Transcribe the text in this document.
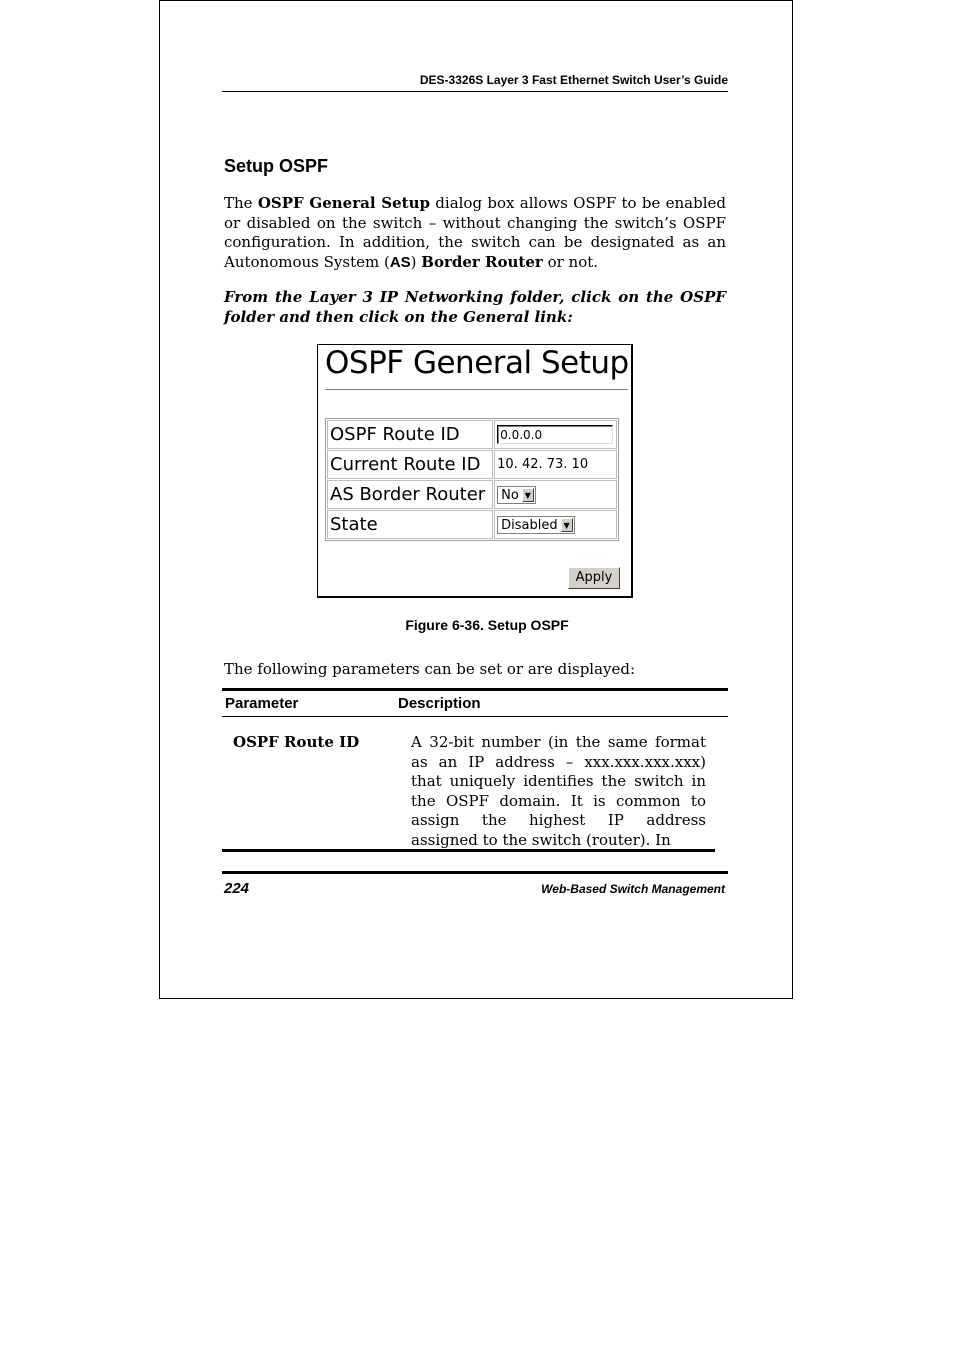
DES-3326S Layer 3 Fast Ethernet Switch User’s Guide
Setup OSPF
The OSPF General Setup dialog box allows OSPF to be enabled or disabled on the switch – without changing the switch’s OSPF configuration. In addition, the switch can be designated as an Autonomous System (AS) Border Router or not.
From the Layer 3 IP Networking folder, click on the OSPF folder and then click on the General link:
OSPF General Setup
OSPF Route ID	0.0.0.0
Current Route ID	10. 42. 73. 10
AS Border Router	No ▼

State	Disabled ▼
Apply
Figure 6-36. Setup OSPF
The following parameters can be set or are displayed:
Parameter	Description
OSPF Route ID	A 32-bit number (in the same format as an IP address – xxx.xxx.xxx.xxx) that uniquely identifies the switch in the OSPF domain. It is common to assign the highest IP address assigned to the switch (router). In
224	Web-Based Switch Management
